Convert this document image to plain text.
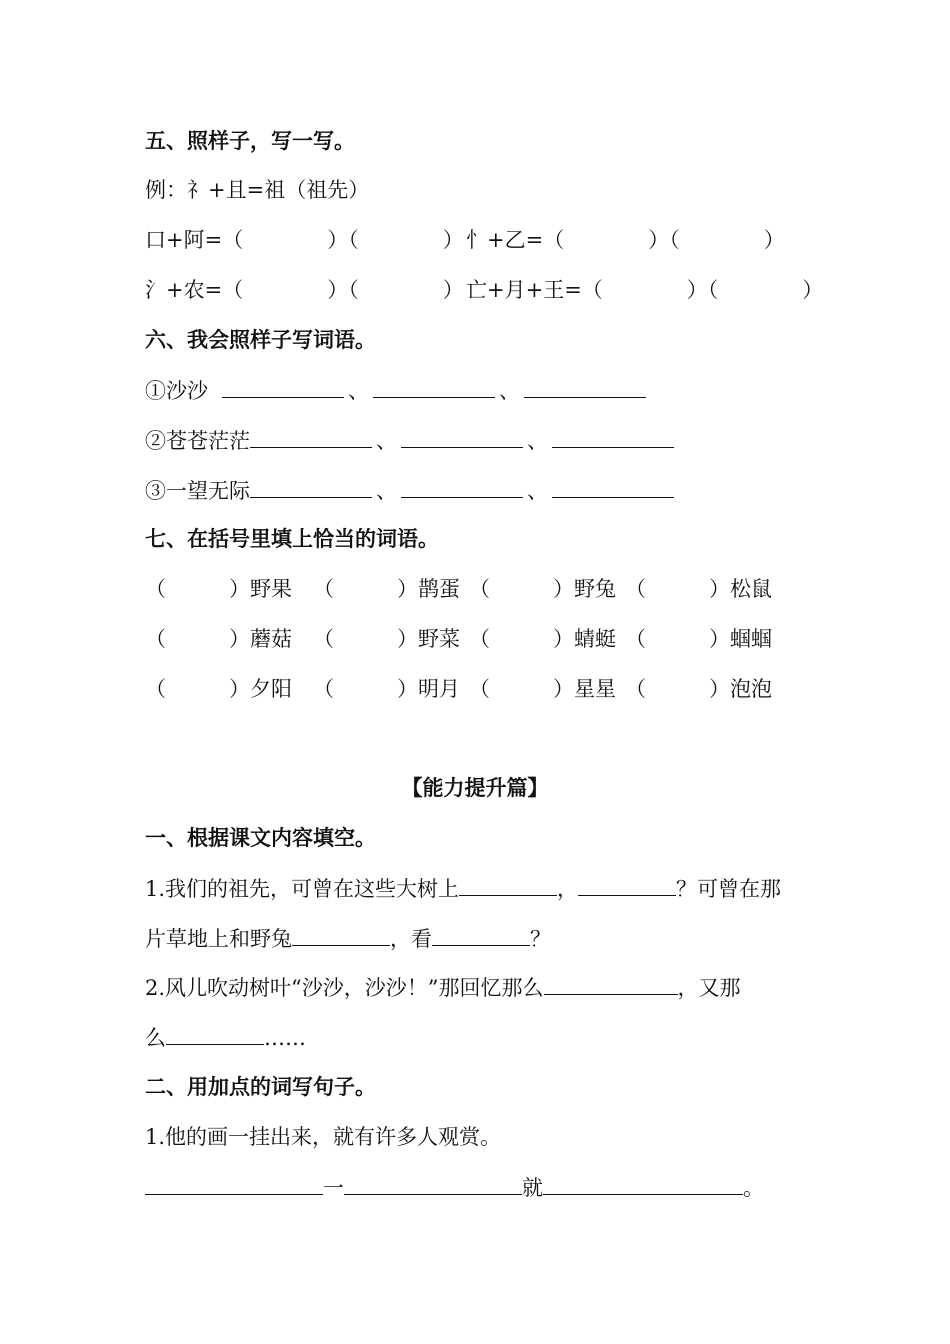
五、照样子，写一写。
例：礻+且=祖（祖先）
口+阿=（　　　　）（　　　　） 忄+乙=（　　　　）（　　　　）
氵+农=（　　　　）（　　　　） 亡+月+王=（　　　　）（　　　　）
六、我会照样子写词语。
①沙沙	、	、
②苍苍茫茫	、	、
③一望无际	、	、
七、在括号里填上恰当的词语。
（　　　）野果 （　　　）鹊蛋 （　　　）野兔 （　　　）松鼠
（　　　）蘑菇 （　　　）野菜 （　　　）蜻蜓 （　　　）蝈蝈
（　　　）夕阳 （　　　）明月 （　　　）星星 （　　　）泡泡
【能力提升篇】
一、根据课文内容填空。
1.我们的祖先，可曾在这些大树上	，	？可曾在那
片草地上和野兔	，看	？
2.风儿吹动树叶“沙沙，沙沙！”那回忆那么	，又那
么	……
二、用加点的词写句子。
1.他的画一挂出来，就有许多人观赏。
一	就	。
